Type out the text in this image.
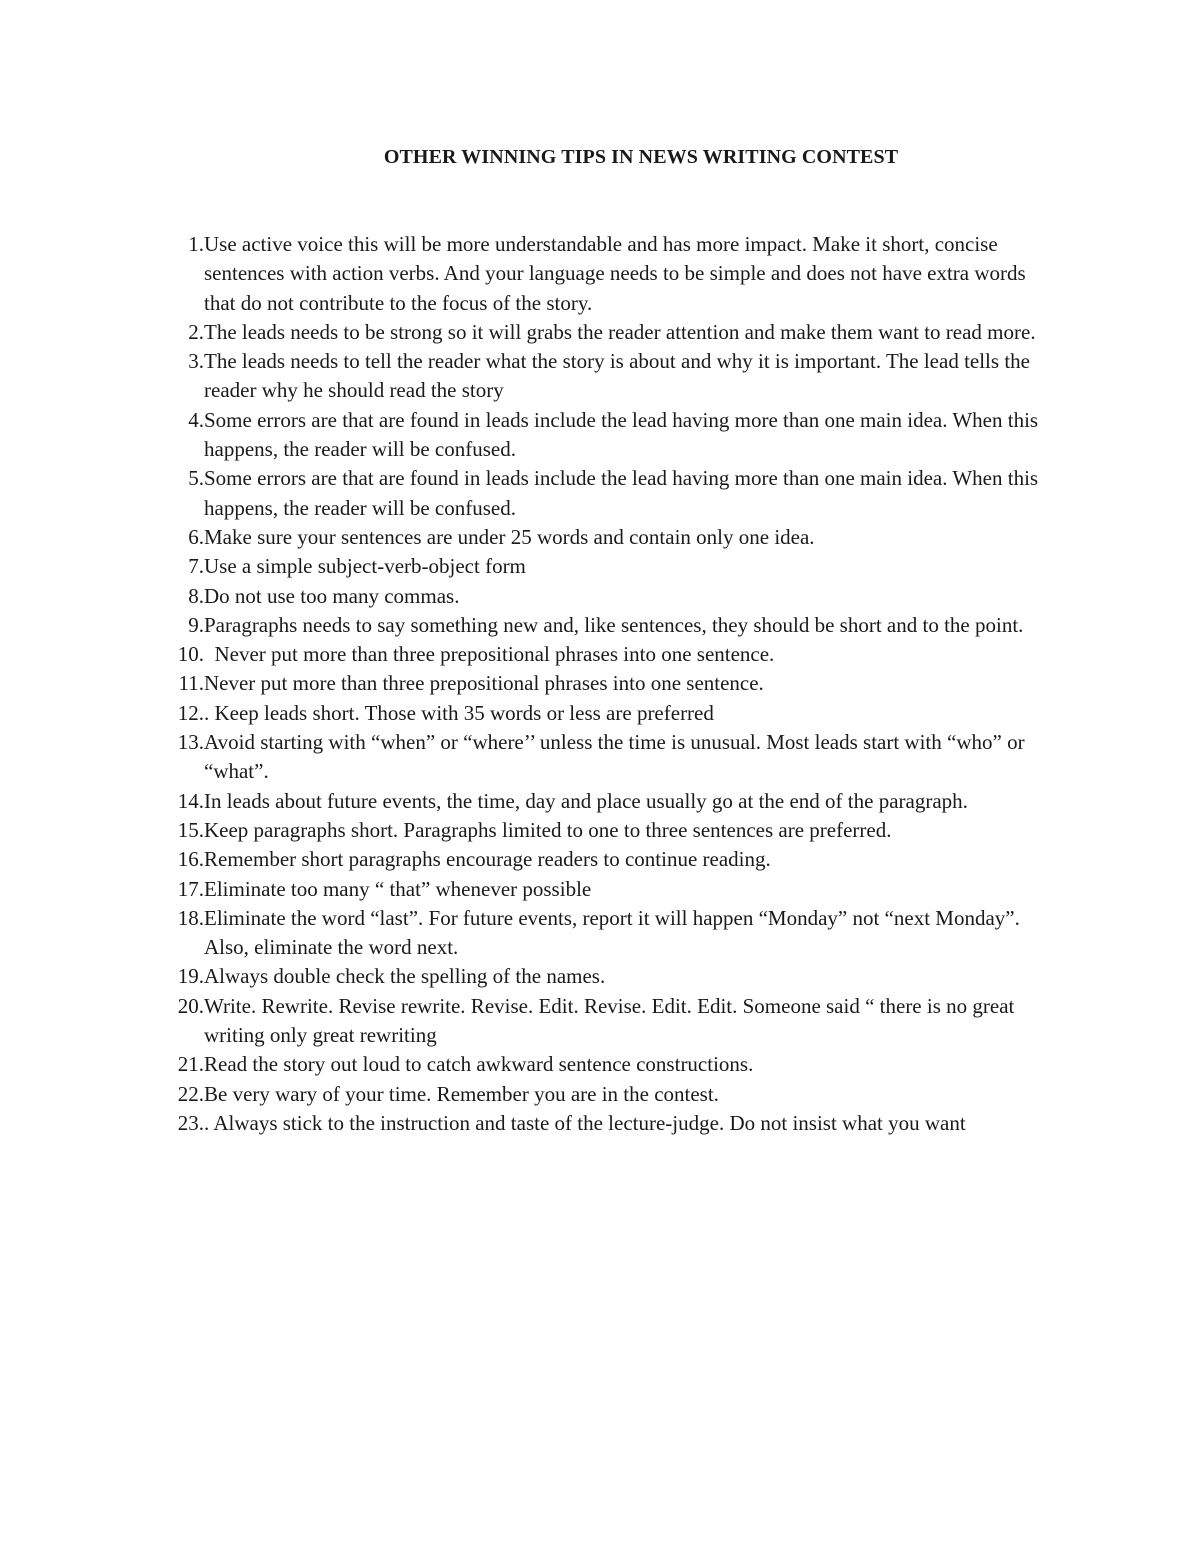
OTHER WINNING TIPS IN NEWS WRITING CONTEST
1. Use active voice this will be more understandable and has more impact. Make it short, concise sentences with action verbs. And your language needs to be simple and does not have extra words that do not contribute to the focus of the story.
2. The leads needs to be strong so it will grabs the reader attention and make them want to read more.
3. The leads needs to tell the reader what the story is about and why it is important. The lead tells the reader why he should read the story
4. Some errors are that are found in leads include the lead having more than one main idea. When this happens, the reader will be confused.
5. Some errors are that are found in leads include the lead having more than one main idea. When this happens, the reader will be confused.
6. Make sure your sentences are under 25 words and contain only one idea.
7. Use a simple subject-verb-object form
8. Do not use too many commas.
9. Paragraphs needs to say something new and, like sentences, they should be short and to the point.
10. Never put more than three prepositional phrases into one sentence.
11. Never put more than three prepositional phrases into one sentence.
12. . Keep leads short. Those with 35 words or less are preferred
13. Avoid starting with “when” or “where’’ unless the time is unusual. Most leads start with “who” or “what”.
14. In leads about future events, the time, day and place usually go at the end of the paragraph.
15. Keep paragraphs short. Paragraphs limited to one to three sentences are preferred.
16. Remember short paragraphs encourage readers to continue reading.
17. Eliminate too many “ that” whenever possible
18. Eliminate the word “last”. For future events, report it will happen “Monday” not “next Monday”. Also, eliminate the word next.
19. Always double check the spelling of the names.
20. Write. Rewrite. Revise rewrite. Revise. Edit. Revise. Edit. Edit. Someone said “ there is no great writing only great rewriting
21. Read the story out loud to catch awkward sentence constructions.
22. Be very wary of your time. Remember you are in the contest.
23. . Always stick to the instruction and taste of the lecture-judge. Do not insist what you want
